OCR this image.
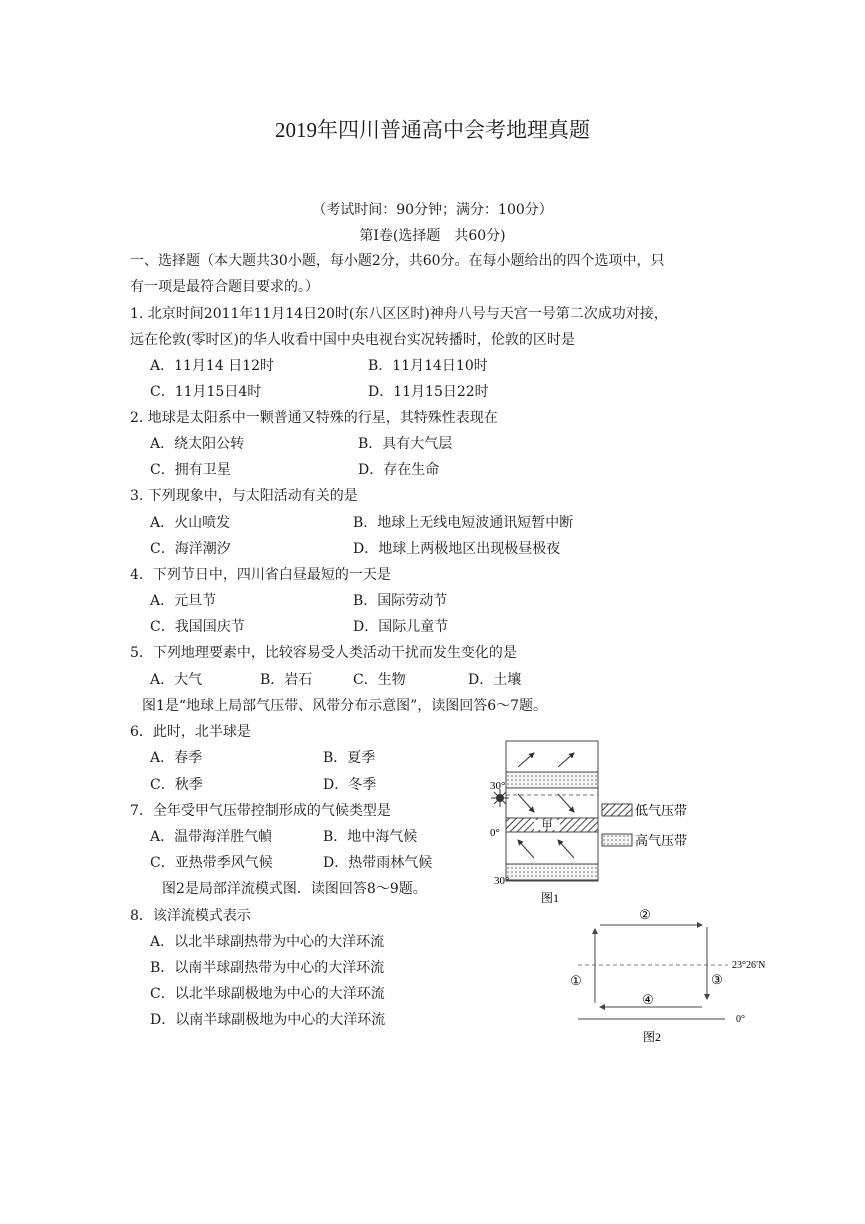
2019年四川普通高中会考地理真题
（考试时间：90分钟；满分：100分）
第Ⅰ卷(选择题　共60分)
一、选择题（本大题共30小题，每小题2分，共60分。在每小题给出的四个选项中，只
有一项是最符合题目要求的。）
1. 北京时间2011年11月14日20时(东八区区时)神舟八号与天宫一号第二次成功对接，
远在伦敦(零时区)的华人收看中国中央电视台实况转播时，伦敦的区时是
A．11月14 日12时	B．11月14日10时
C．11月15日4时	D．11月15日22时
2. 地球是太阳系中一颗普通又特殊的行星，其特殊性表现在
A．绕太阳公转	B．具有大气层
C．拥有卫星	D．存在生命
3. 下列现象中，与太阳活动有关的是
A．火山喷发	B．地球上无线电短波通讯短暂中断
C．海洋潮汐	D．地球上两极地区出现极昼极夜
4．下列节日中，四川省白昼最短的一天是
A．元旦节	B．国际劳动节
C．我国国庆节	D．国际儿童节
5．下列地理要素中，比较容易受人类活动干扰而发生变化的是
A．大气	B．岩石	C．生物	D．土壤
图1是“地球上局部气压带、风带分布示意图”，读图回答6～7题。
6．此时，北半球是
A．春季	B．夏季
C．秋季	D．冬季
7．全年受甲气压带控制形成的气候类型是
A．温带海洋胜气幀	B．地中海气候
C．亚热带季风气候	D．热带雨林气候
图2是局部洋流模式图．读图回答8～9题。
8．该洋流模式表示
A．以北半球副热带为中心的大洋环流
B．以南半球副热带为中心的大洋环流
C．以北半球副极地为中心的大洋环流
D．以南半球副极地为中心的大洋环流
甲
30°
0°
30°
低气压带
高气压带
图1
②
①	③
④
23°26′N
0°
图2
